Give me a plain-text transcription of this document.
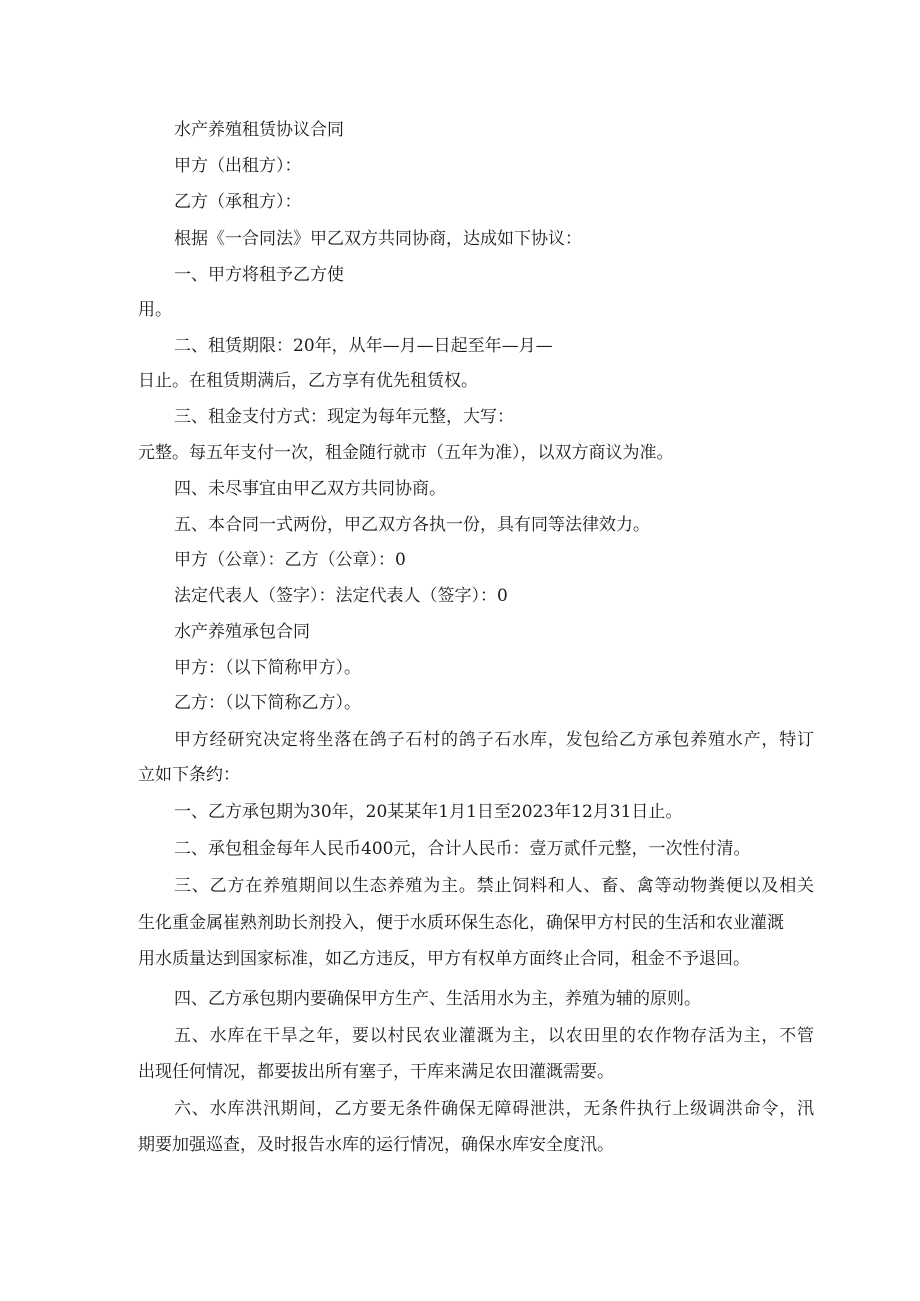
水产养殖租赁协议合同

甲方（出租方）：

乙方（承租方）：

根据《一合同法》甲乙双方共同协商，达成如下协议：

一、甲方将租予乙方使

用。

二、租赁期限：20年，从年—月—日起至年—月—

日止。在租赁期满后，乙方享有优先租赁权。

三、租金支付方式：现定为每年元整，大写：

元整。每五年支付一次，租金随行就市（五年为准），以双方商议为准。

四、未尽事宜由甲乙双方共同协商。

五、本合同一式两份，甲乙双方各执一份，具有同等法律效力。

甲方（公章）：乙方（公章）：0

法定代表人（签字）：法定代表人（签字）：0

水产养殖承包合同

甲方：（以下简称甲方）。

乙方：（以下简称乙方）。

甲方经研究决定将坐落在鸽子石村的鸽子石水库，发包给乙方承包养殖水产，特订

立如下条约：

一、乙方承包期为30年，20某某年1月1日至2023年12月31日止。

二、承包租金每年人民币400元，合计人民币：壹万贰仟元整，一次性付清。

三、乙方在养殖期间以生态养殖为主。禁止饲料和人、畜、禽等动物粪便以及相关

生化重金属崔熟剂助长剂投入，便于水质环保生态化，确保甲方村民的生活和农业灌溉

用水质量达到国家标准，如乙方违反，甲方有权单方面终止合同，租金不予退回。

四、乙方承包期内要确保甲方生产、生活用水为主，养殖为辅的原则。

五、水库在干旱之年，要以村民农业灌溉为主，以农田里的农作物存活为主，不管

出现任何情况，都要拔出所有塞子，干库来满足农田灌溉需要。

六、水库洪汛期间，乙方要无条件确保无障碍泄洪，无条件执行上级调洪命令，汛

期要加强巡查，及时报告水库的运行情况，确保水库安全度汛。
